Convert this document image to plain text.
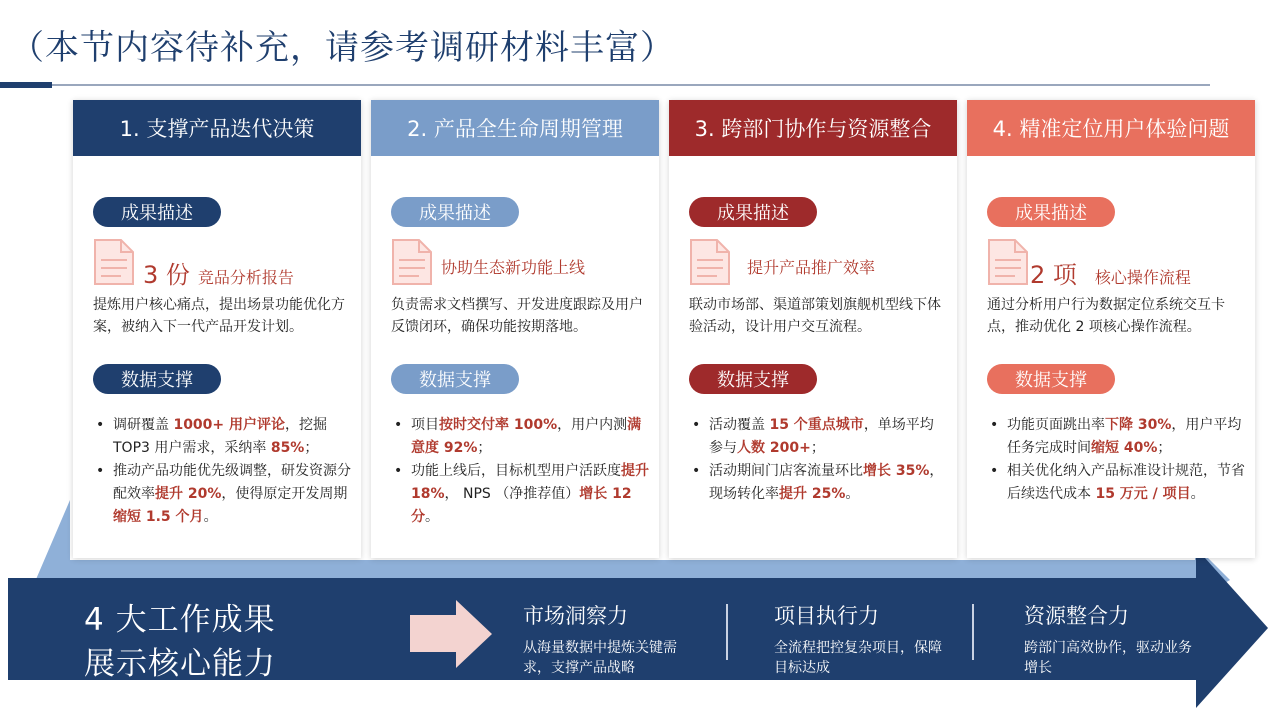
（本节内容待补充，请参考调研材料丰富）
1. 支撑产品迭代决策
成果描述
3 份 竞品分析报告
提炼用户核心痛点，提出场景功能优化方案，被纳入下一代产品开发计划。
数据支撑
• 调研覆盖 1000+ 用户评论，挖掘 TOP3 用户需求，采纳率 85%；
• 推动产品功能优先级调整，研发资源分配效率提升 20%，使得原定开发周期缩短 1.5 个月。
2. 产品全生命周期管理
成果描述
协助生态新功能上线
负责需求文档撰写、开发进度跟踪及用户反馈闭环，确保功能按期落地。
数据支撑
• 项目按时交付率 100%，用户内测满意度 92%；
• 功能上线后，目标机型用户活跃度提升 18%， NPS （净推荐值）增长 12 分。
3. 跨部门协作与资源整合
成果描述
提升产品推广效率
联动市场部、渠道部策划旗舰机型线下体验活动，设计用户交互流程。
数据支撑
• 活动覆盖 15 个重点城市，单场平均参与人数 200+；
• 活动期间门店客流量环比增长 35%，现场转化率提升 25%。
4. 精准定位用户体验问题
成果描述
2 项 核心操作流程
通过分析用户行为数据定位系统交互卡点，推动优化 2 项核心操作流程。
数据支撑
• 功能页面跳出率下降 30%，用户平均任务完成时间缩短 40%；
• 相关优化纳入产品标准设计规范，节省后续迭代成本 15 万元 / 项目。
4 大工作成果
展示核心能力
市场洞察力
从海量数据中提炼关键需求，支撑产品战略
项目执行力
全流程把控复杂项目，保障目标达成
资源整合力
跨部门高效协作，驱动业务增长
